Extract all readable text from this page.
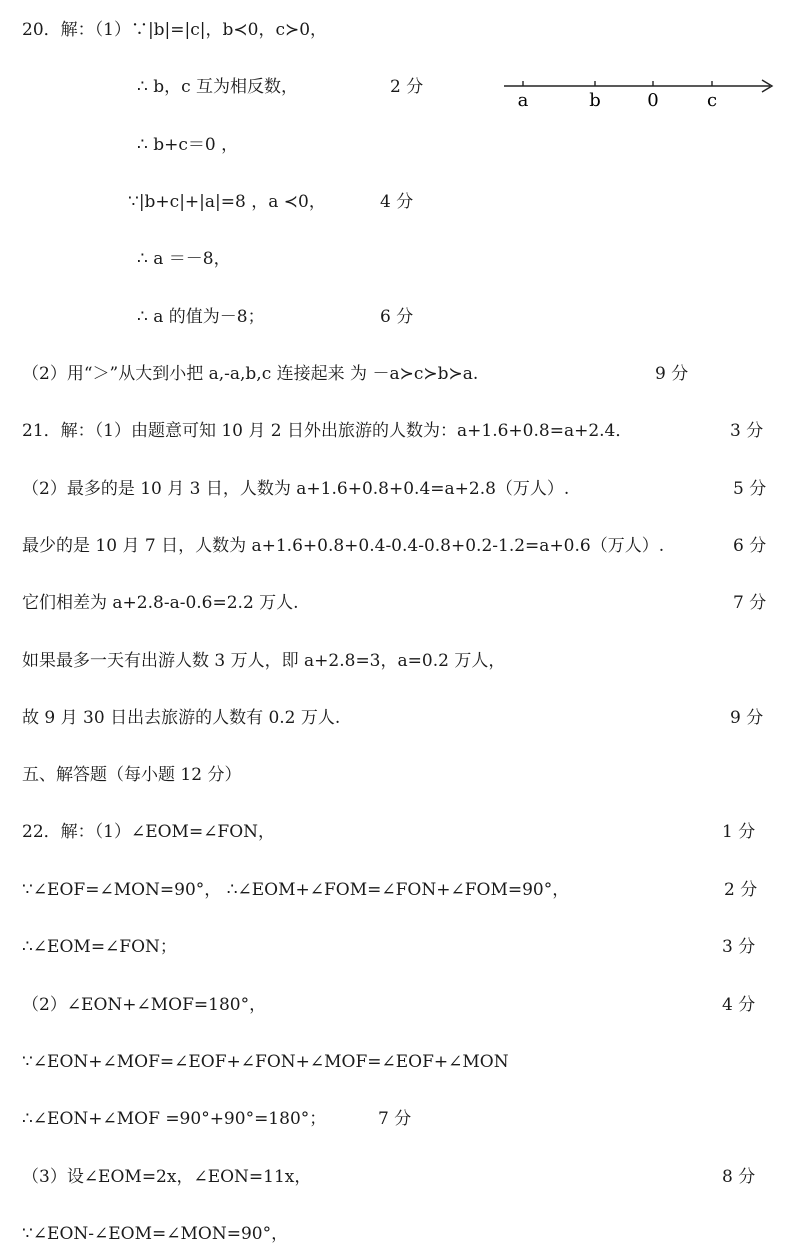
20．解：（1）∵|b|=|c|，b≺0，c≻0，
∴ b，c 互为相反数，	2 分
∴ b+c＝0 ，
∵|b+c|+|a|=8 ，a ≺0，	4 分
∴ a ＝－8，
∴ a 的值为－8；	6 分
（2）用“＞”从大到小把 a,-a,b,c 连接起来 为 －a≻c≻b≻a.	9 分
21．解：（1）由题意可知 10 月 2 日外出旅游的人数为：a+1.6+0.8=a+2.4．	3 分
（2）最多的是 10 月 3 日，人数为 a+1.6+0.8+0.4=a+2.8（万人）.	5 分
最少的是 10 月 7 日，人数为 a+1.6+0.8+0.4-0.4-0.8+0.2-1.2=a+0.6（万人）.	6 分
它们相差为 a+2.8-a-0.6=2.2 万人.	7 分
如果最多一天有出游人数 3 万人，即 a+2.8=3，a=0.2 万人，
故 9 月 30 日出去旅游的人数有 0.2 万人.	9 分
五、解答题（每小题 12 分）
22．解：（1）∠EOM=∠FON，	1 分
∵∠EOF=∠MON=90°， ∴∠EOM+∠FOM=∠FON+∠FOM=90°，	2 分
∴∠EOM=∠FON；	3 分
（2）∠EON+∠MOF=180°，	4 分
∵∠EON+∠MOF=∠EOF+∠FON+∠MOF=∠EOF+∠MON
∴∠EON+∠MOF =90°+90°=180°；	7 分
（3）设∠EOM=2x，∠EON=11x，	8 分
∵∠EON-∠EOM=∠MON=90°，
a	b	0	c
